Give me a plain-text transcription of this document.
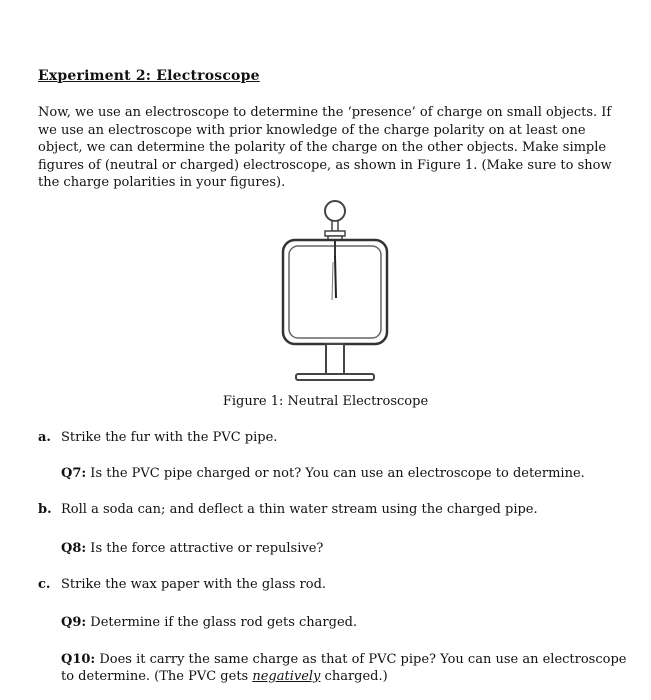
Experiment 2: Electroscope
Now, we use an electroscope to determine the ‘presence’ of charge on small objects. If we use an electroscope with prior knowledge of the charge polarity on at least one object, we can determine the polarity of the charge on the other objects. Make simple figures of (neutral or charged) electroscope, as shown in Figure 1. (Make sure to show the charge polarities in your figures).
Figure 1: Neutral Electroscope
a. Strike the fur with the PVC pipe.
Q7: Is the PVC pipe charged or not? You can use an electroscope to determine.
b. Roll a soda can; and deflect a thin water stream using the charged pipe.
Q8: Is the force attractive or repulsive?
c. Strike the wax paper with the glass rod.
Q9: Determine if the glass rod gets charged.
Q10: Does it carry the same charge as that of PVC pipe? You can use an electroscope to determine. (The PVC gets negatively charged.)
